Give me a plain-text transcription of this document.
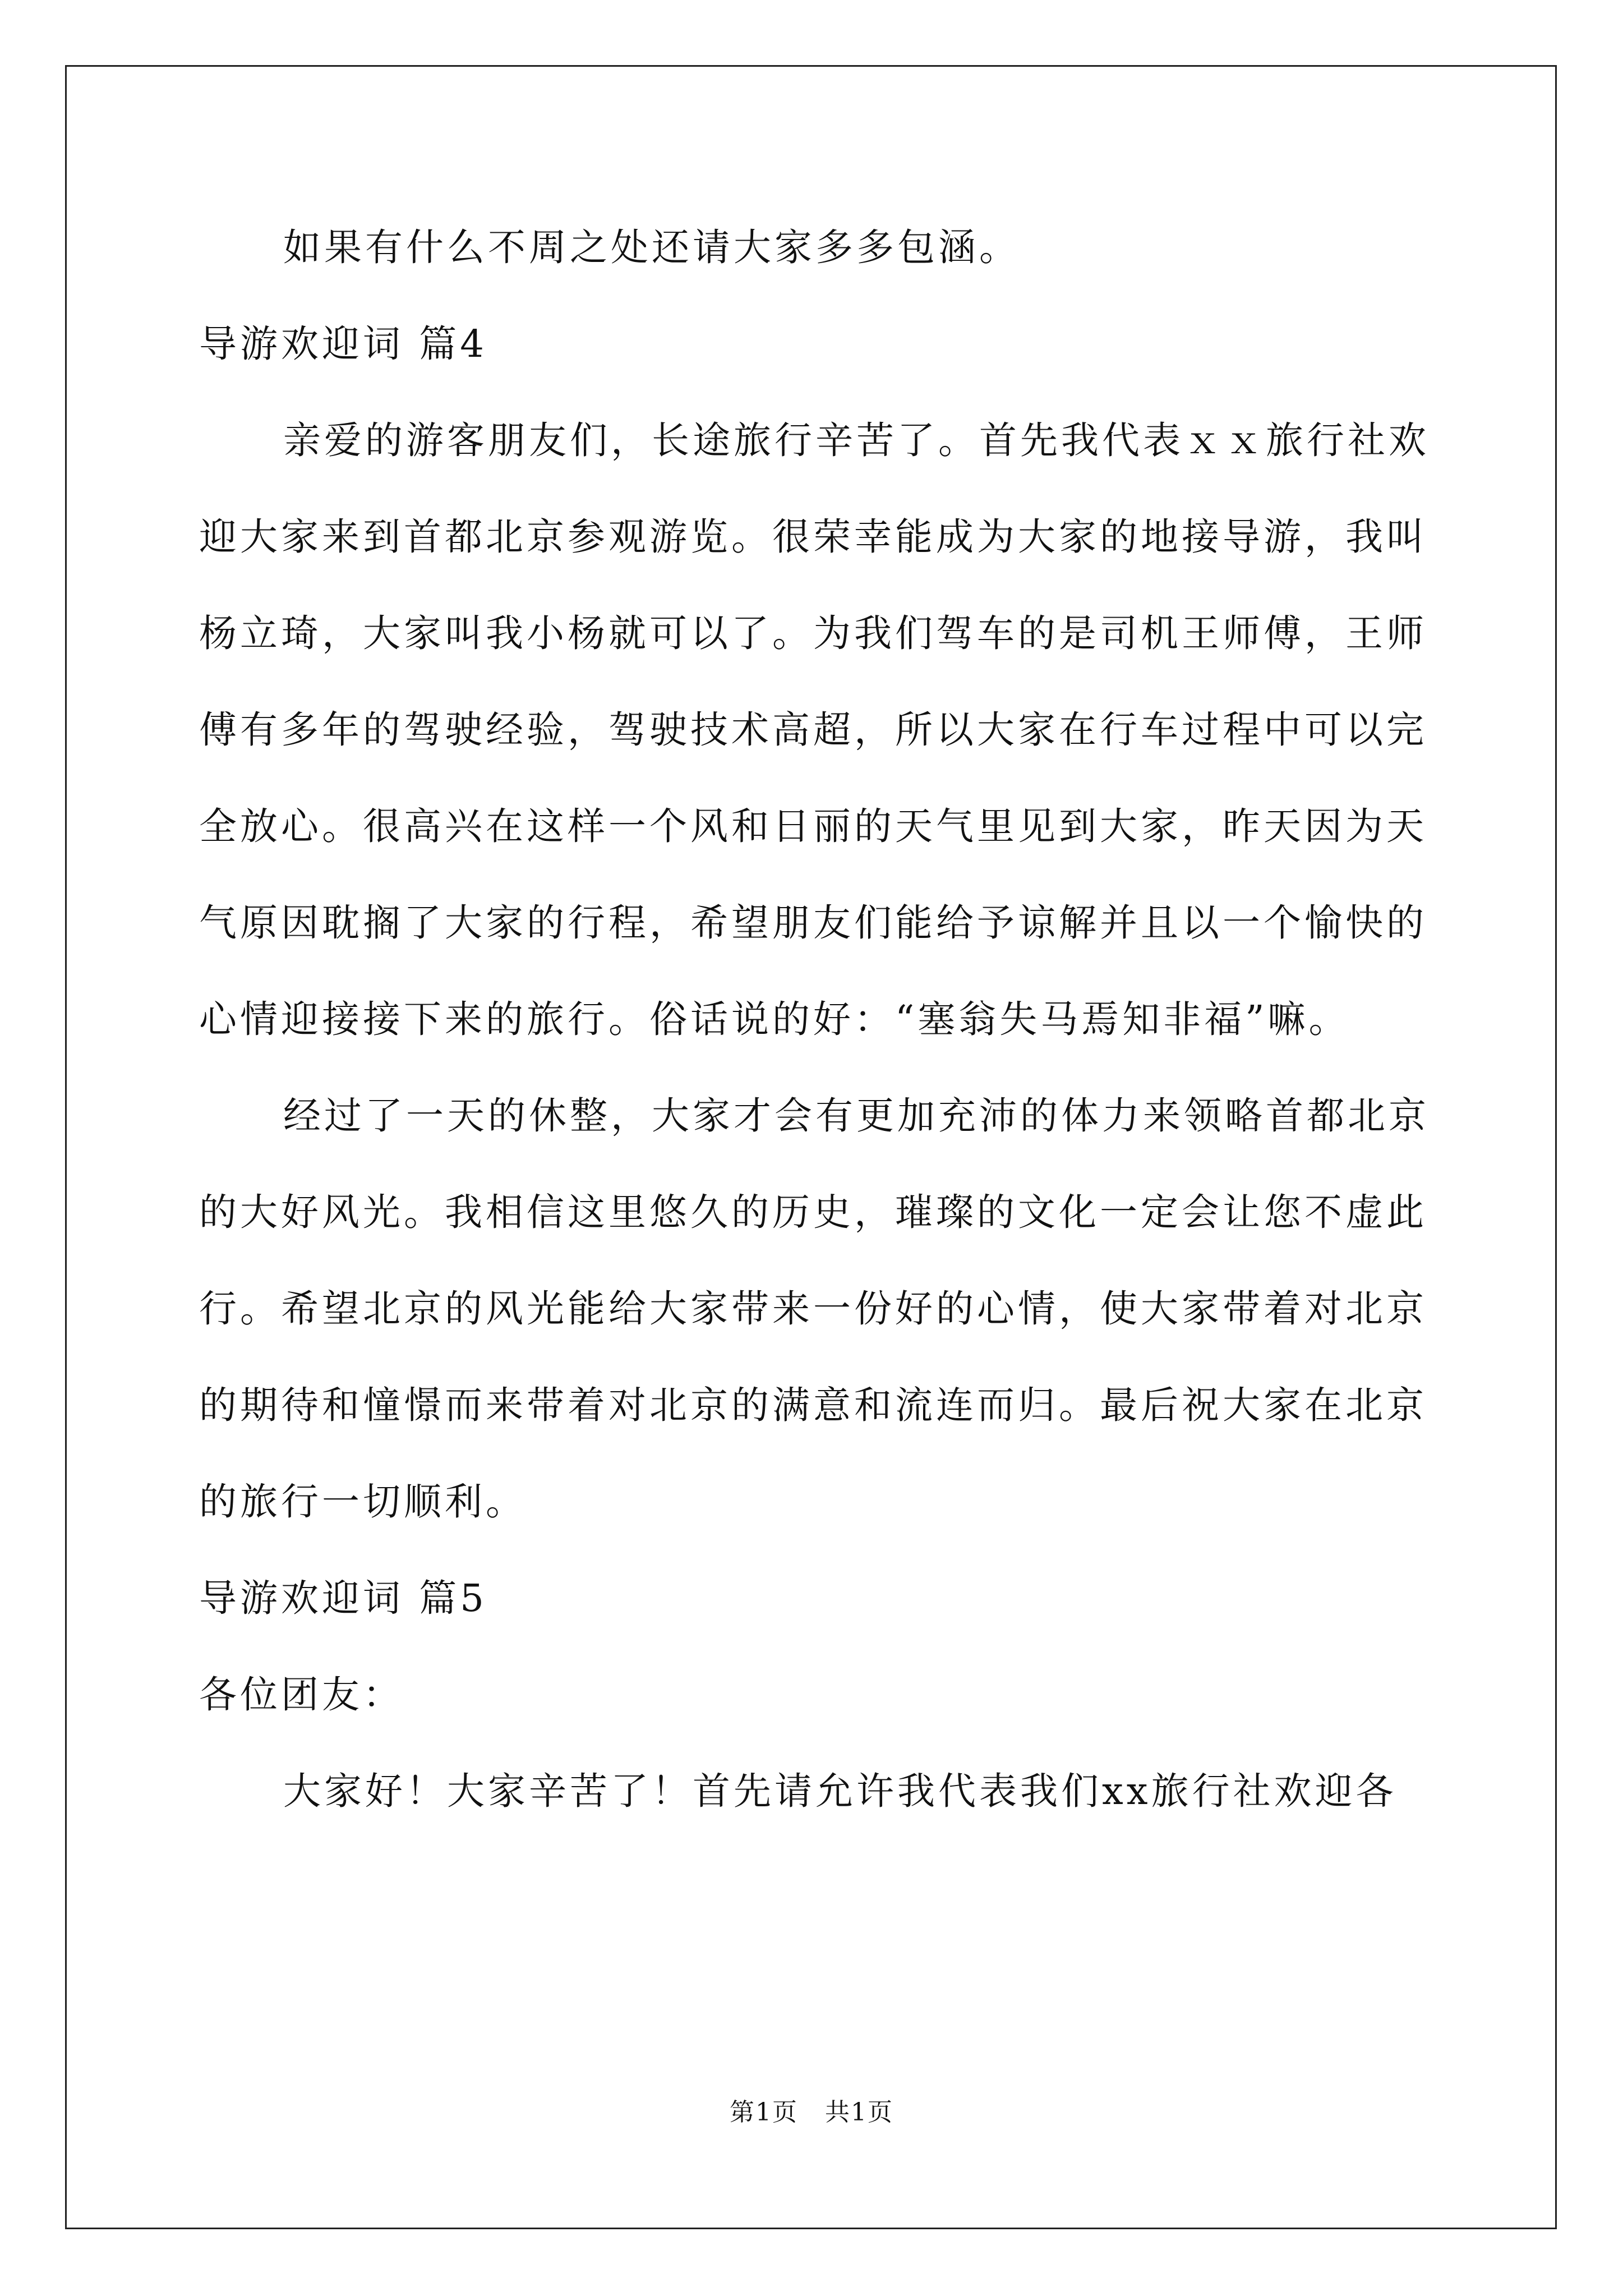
如果有什么不周之处还请大家多多包涵。
导游欢迎词 篇4
亲爱的游客朋友们，长途旅行辛苦了。首先我代表ｘｘ旅行社欢
迎大家来到首都北京参观游览。很荣幸能成为大家的地接导游，我叫
杨立琦，大家叫我小杨就可以了。为我们驾车的是司机王师傅，王师
傅有多年的驾驶经验，驾驶技术高超，所以大家在行车过程中可以完
全放心。很高兴在这样一个风和日丽的天气里见到大家，昨天因为天
气原因耽搁了大家的行程，希望朋友们能给予谅解并且以一个愉快的
心情迎接接下来的旅行。俗话说的好：“塞翁失马焉知非福”嘛。
经过了一天的休整，大家才会有更加充沛的体力来领略首都北京
的大好风光。我相信这里悠久的历史，璀璨的文化一定会让您不虚此
行。希望北京的风光能给大家带来一份好的心情，使大家带着对北京
的期待和憧憬而来带着对北京的满意和流连而归。最后祝大家在北京
的旅行一切顺利。
导游欢迎词 篇5
各位团友：
大家好！大家辛苦了！首先请允许我代表我们xx旅行社欢迎各
第1页   共1页
